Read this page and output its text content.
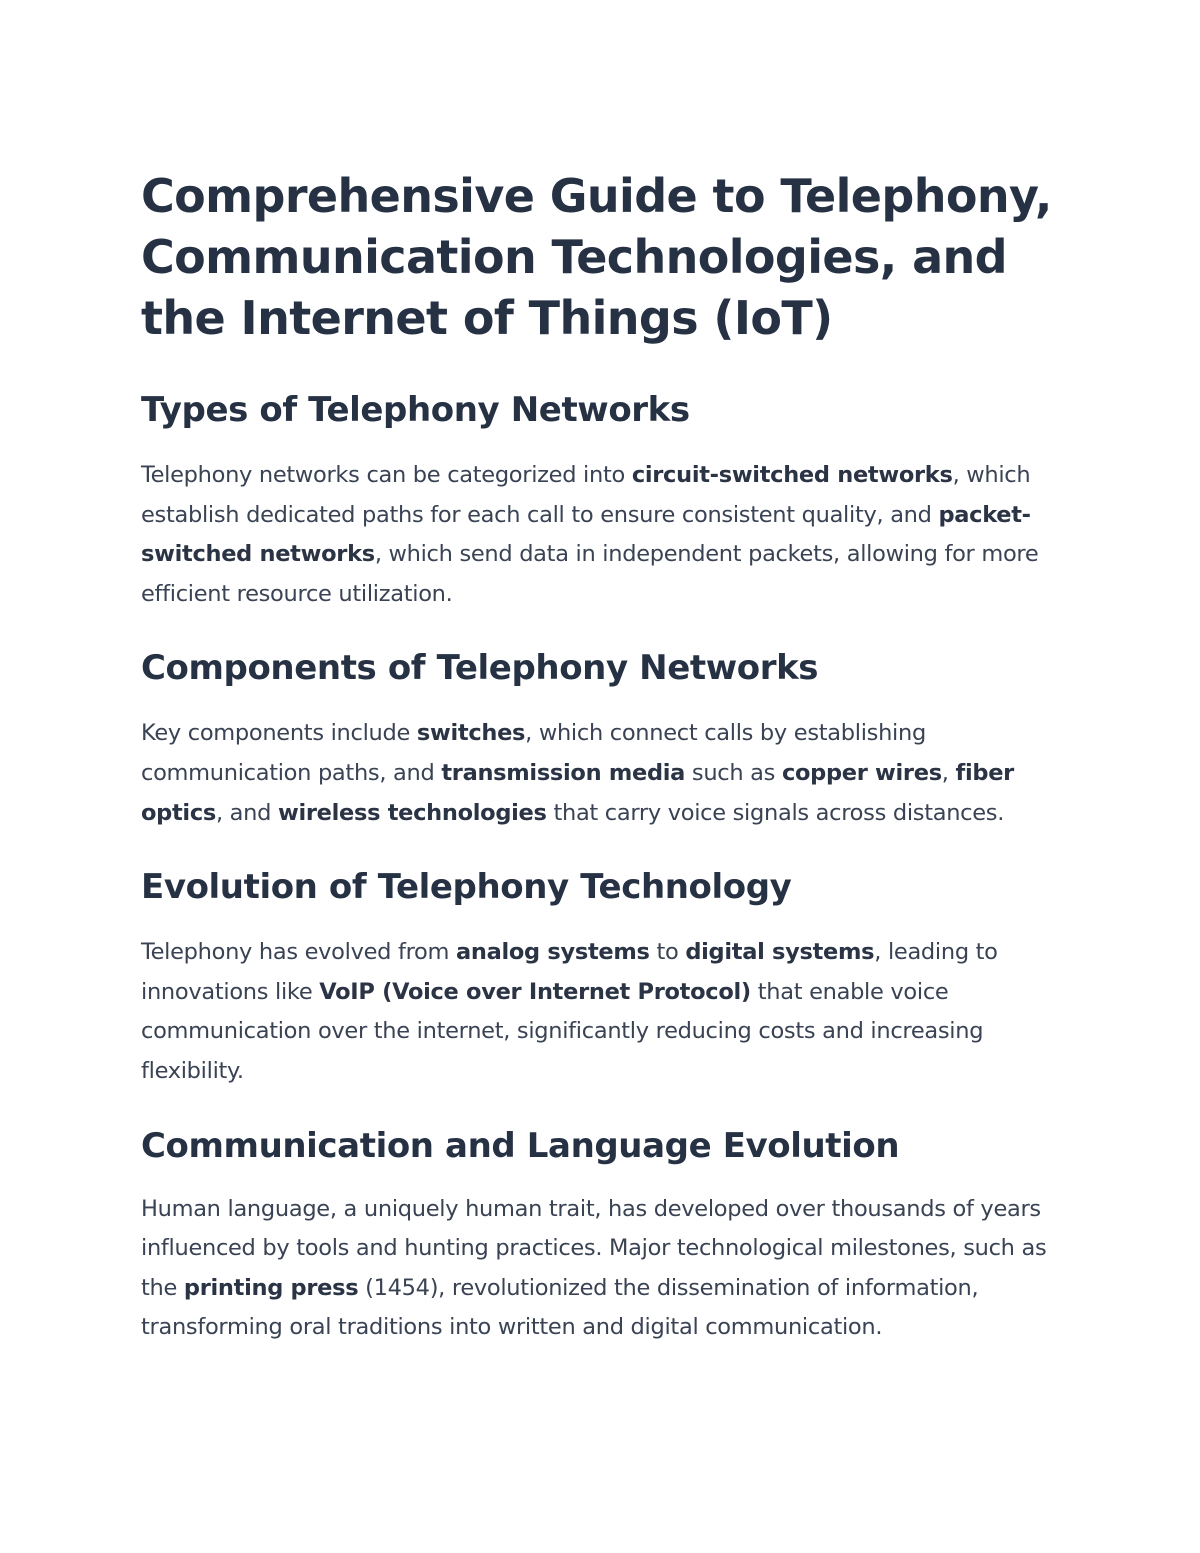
Comprehensive Guide to Telephony, Communication Technologies, and the Internet of Things (IoT)
Types of Telephony Networks

Telephony networks can be categorized into circuit-switched networks, which establish dedicated paths for each call to ensure consistent quality, and packet-switched networks, which send data in independent packets, allowing for more efficient resource utilization.

Components of Telephony Networks

Key components include switches, which connect calls by establishing communication paths, and transmission media such as copper wires, fiber optics, and wireless technologies that carry voice signals across distances.

Evolution of Telephony Technology

Telephony has evolved from analog systems to digital systems, leading to innovations like VoIP (Voice over Internet Protocol) that enable voice communication over the internet, significantly reducing costs and increasing flexibility.

Communication and Language Evolution

Human language, a uniquely human trait, has developed over thousands of years influenced by tools and hunting practices. Major technological milestones, such as the printing press (1454), revolutionized the dissemination of information, transforming oral traditions into written and digital communication.
